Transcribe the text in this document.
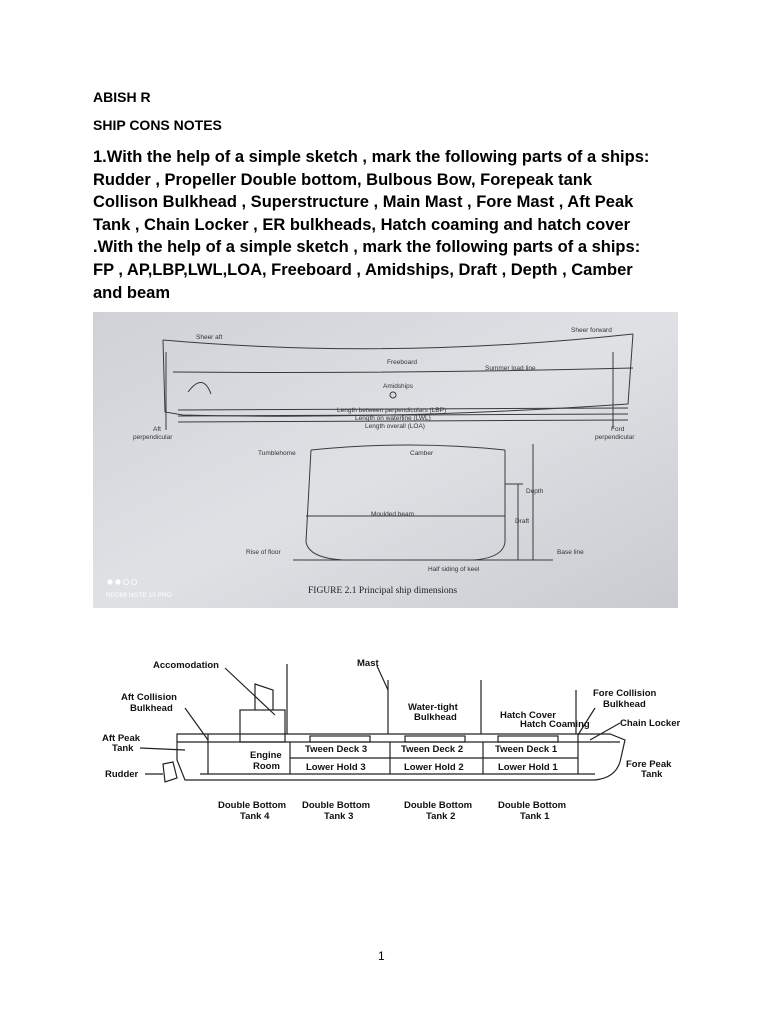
ABISH R
SHIP CONS NOTES
1.With the help of a simple sketch , mark the following parts of a ships:
Rudder , Propeller Double bottom, Bulbous Bow, Forepeak tank
Collison Bulkhead , Superstructure , Main Mast , Fore Mast , Aft Peak
Tank , Chain Locker , ER bulkheads, Hatch coaming and hatch cover
.With the help of a simple sketch , mark the following parts of a ships:
FP , AP,LBP,LWL,LOA, Freeboard , Amidships, Draft , Depth , Camber
and beam
Sheer aft
Sheer forward
Freeboard
Summer load line
Amidships
Length between perpendiculars (LBP)
Length on waterline (LWL)
Length overall (LOA)
Aft
perpendicular
Ford
perpendicular
Tumblehome	Camber
Depth
Draft
Moulded beam
Rise of floor	Base line
Half siding of keel
FIGURE 2.1 Principal ship dimensions
REDMI NOTE 10 PRO
Accomodation	Mast
Aft Collision
Bulkhead
Fore Collision
Bulkhead
Water-tight
Bulkhead	Hatch Cover
Hatch Coaming	Chain Locker
Aft Peak
Tank
Rudder
Engine
Room
Tween Deck 3	Tween Deck 2	Tween Deck 1
Lower Hold 3	Lower Hold 2	Lower Hold 1	Fore Peak
Tank
Double Bottom
Tank 4
Double Bottom
Tank 3
Double Bottom
Tank 2
Double Bottom
Tank 1
1
